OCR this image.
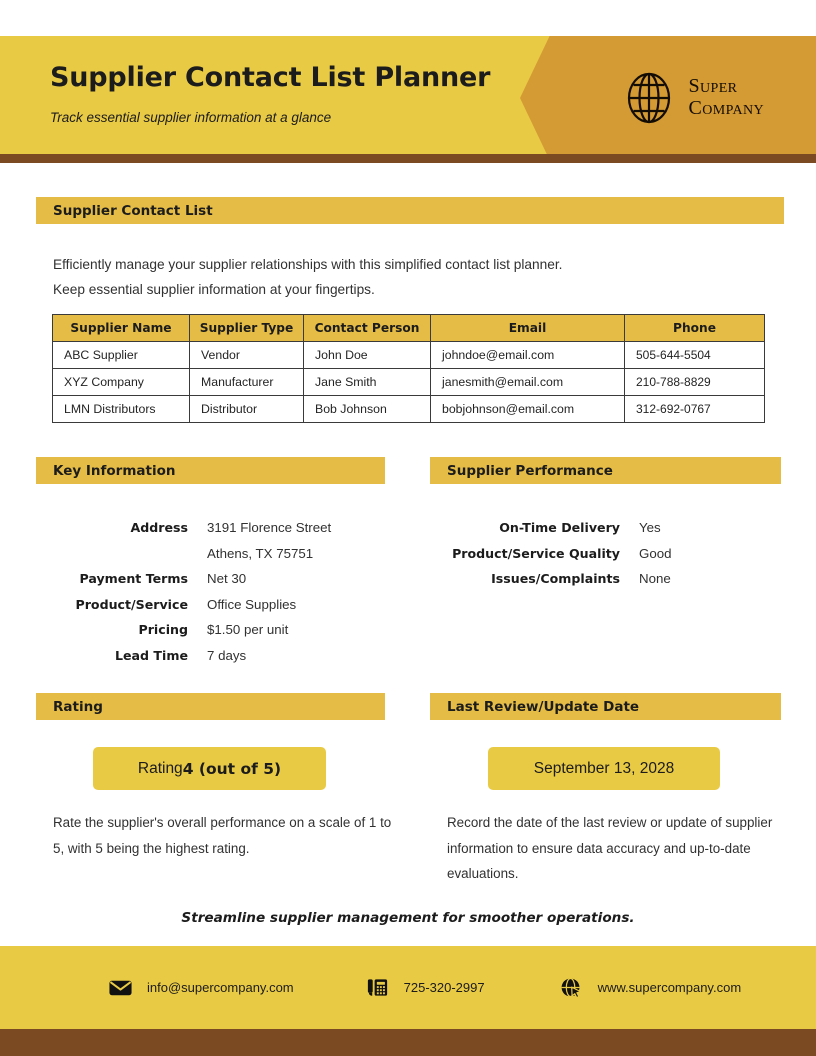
Supplier Contact List Planner
Track essential supplier information at a glance
Super
Company
Supplier Contact List
Efficiently manage your supplier relationships with this simplified contact list planner.
Keep essential supplier information at your fingertips.
Supplier Name	Supplier Type	Contact Person	Email	Phone
ABC Supplier	Vendor	John Doe	johndoe@email.com	505-644-5504
XYZ Company	Manufacturer	Jane Smith	janesmith@email.com	210-788-8829
LMN Distributors	Distributor	Bob Johnson	bobjohnson@email.com	312-692-0767
Key Information
Address 3191 Florence Street
Athens, TX 75751
Payment Terms Net 30
Product/Service Office Supplies
Pricing $1.50 per unit
Lead Time 7 days
Supplier Performance
On-Time Delivery Yes
Product/Service Quality Good
Issues/Complaints None
Rating
Rating 4 (out of 5)
Rate the supplier's overall performance on a scale of 1 to 5, with 5 being the highest rating.
Last Review/Update Date
September 13, 2028
Record the date of the last review or update of supplier information to ensure data accuracy and up-to-date evaluations.
Streamline supplier management for smoother operations.
info@supercompany.com	725-320-2997	www.supercompany.com
